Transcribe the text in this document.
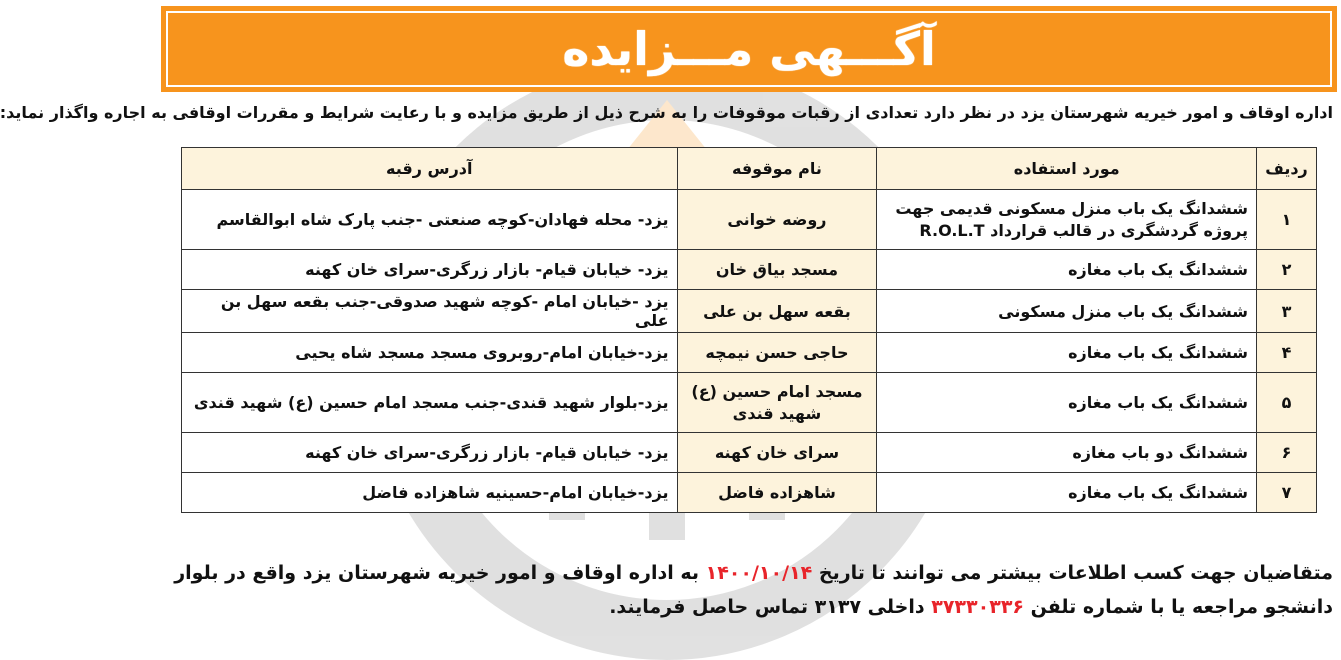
آگـــهی مـــزایده
اداره اوقاف و امور خیریه شهرستان یزد در نظر دارد تعدادی از رقبات موقوفات را به شرح ذیل از طریق مزایده و با رعایت شرایط و مقررات اوقافی به اجاره واگذار نماید:
ردیف	مورد استفاده	نام موقوفه	آدرس رقبه
۱	ششدانگ یک باب منزل مسکونی قدیمی جهت پروژه گردشگری در قالب قرارداد R.O.L.T	روضه خوانی	یزد- محله فهادان-کوچه صنعتی -جنب پارک شاه ابوالقاسم
۲	ششدانگ یک باب مغازه	مسجد بیاق خان	یزد- خیابان قیام- بازار زرگری-سرای خان کهنه
۳	ششدانگ یک باب منزل مسکونی	بقعه سهل بن علی	یزد -خیابان امام -کوچه شهید صدوقی-جنب بقعه سهل بن علی
۴	ششدانگ یک باب مغازه	حاجی حسن نیمچه	یزد-خیابان امام-روبروی مسجد مسجد شاه یحیی
۵	ششدانگ یک باب مغازه	مسجد امام حسین (ع) شهید قندی	یزد-بلوار شهید قندی-جنب مسجد امام حسین (ع) شهید قندی
۶	ششدانگ دو باب مغازه	سرای خان کهنه	یزد- خیابان قیام- بازار زرگری-سرای خان کهنه
۷	ششدانگ یک باب مغازه	شاهزاده فاضل	یزد-خیابان امام-حسینیه شاهزاده فاضل
متقاضیان جهت کسب اطلاعات بیشتر می توانند تا تاریخ ۱۴۰۰/۱۰/۱۴ به اداره اوقاف و امور خیریه شهرستان یزد واقع در بلوار دانشجو مراجعه یا با شماره تلفن ۳۷۳۳۰۳۳۶ داخلی ۳۱۳۷ تماس حاصل فرمایند.
